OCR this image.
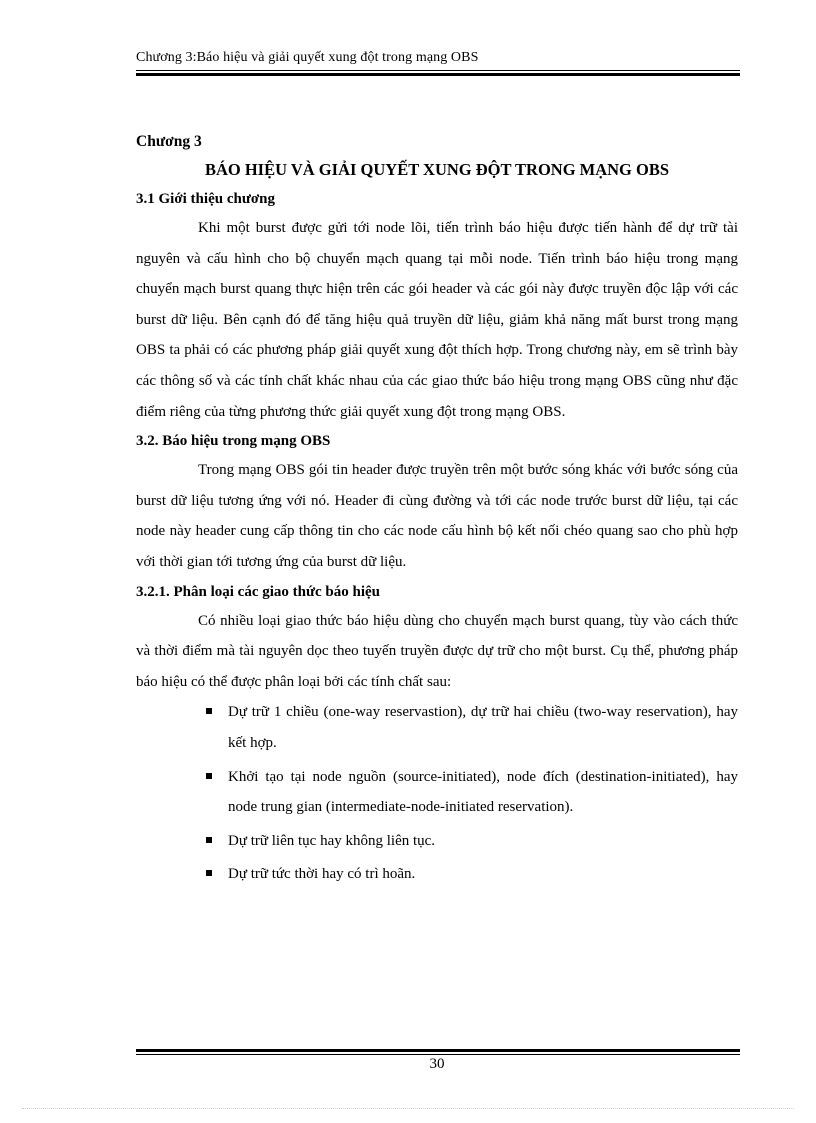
Chương 3:Báo hiệu và giải quyết xung đột trong mạng OBS

Chương 3

BÁO HIỆU VÀ GIẢI QUYẾT XUNG ĐỘT TRONG MẠNG OBS
3.1 Giới thiệu chương

Khi một burst được gửi tới node lõi, tiến trình báo hiệu được tiến hành để dự trữ tài nguyên và cấu hình cho bộ chuyển mạch quang tại mỗi node. Tiến trình báo hiệu trong mạng chuyển mạch burst quang thực hiện trên các gói header và các gói này được truyền độc lập với các burst dữ liệu. Bên cạnh đó để tăng hiệu quả truyền dữ liệu, giảm khả năng mất burst trong mạng OBS ta phải có các phương pháp giải quyết xung đột thích hợp. Trong chương này, em sẽ trình bày các thông số và các tính chất khác nhau của các giao thức báo hiệu trong mạng OBS cũng như đặc điểm riêng của từng phương thức giải quyết xung đột trong mạng OBS.

3.2. Báo hiệu trong mạng OBS

Trong mạng OBS gói tin header được truyền trên một bước sóng khác với bước sóng của burst dữ liệu tương ứng với nó. Header đi cùng đường và tới các node trước burst dữ liệu, tại các node này header cung cấp thông tin cho các node cấu hình bộ kết nối chéo quang sao cho phù hợp với thời gian tới tương ứng của burst dữ liệu.

3.2.1. Phân loại các giao thức báo hiệu

Có nhiều loại giao thức báo hiệu dùng cho chuyển mạch burst quang, tùy vào cách thức và thời điểm mà tài nguyên dọc theo tuyến truyền được dự trữ cho một burst. Cụ thể, phương pháp báo hiệu có thể được phân loại bởi các tính chất sau:

Dự trữ 1 chiều (one-way reservastion), dự trữ hai chiều (two-way reservation), hay kết hợp.
Khởi tạo tại node nguồn (source-initiated), node đích (destination-initiated), hay node trung gian (intermediate-node-initiated reservation).
Dự trữ liên tục hay không liên tục.
Dự trữ tức thời hay có trì hoãn.
30
